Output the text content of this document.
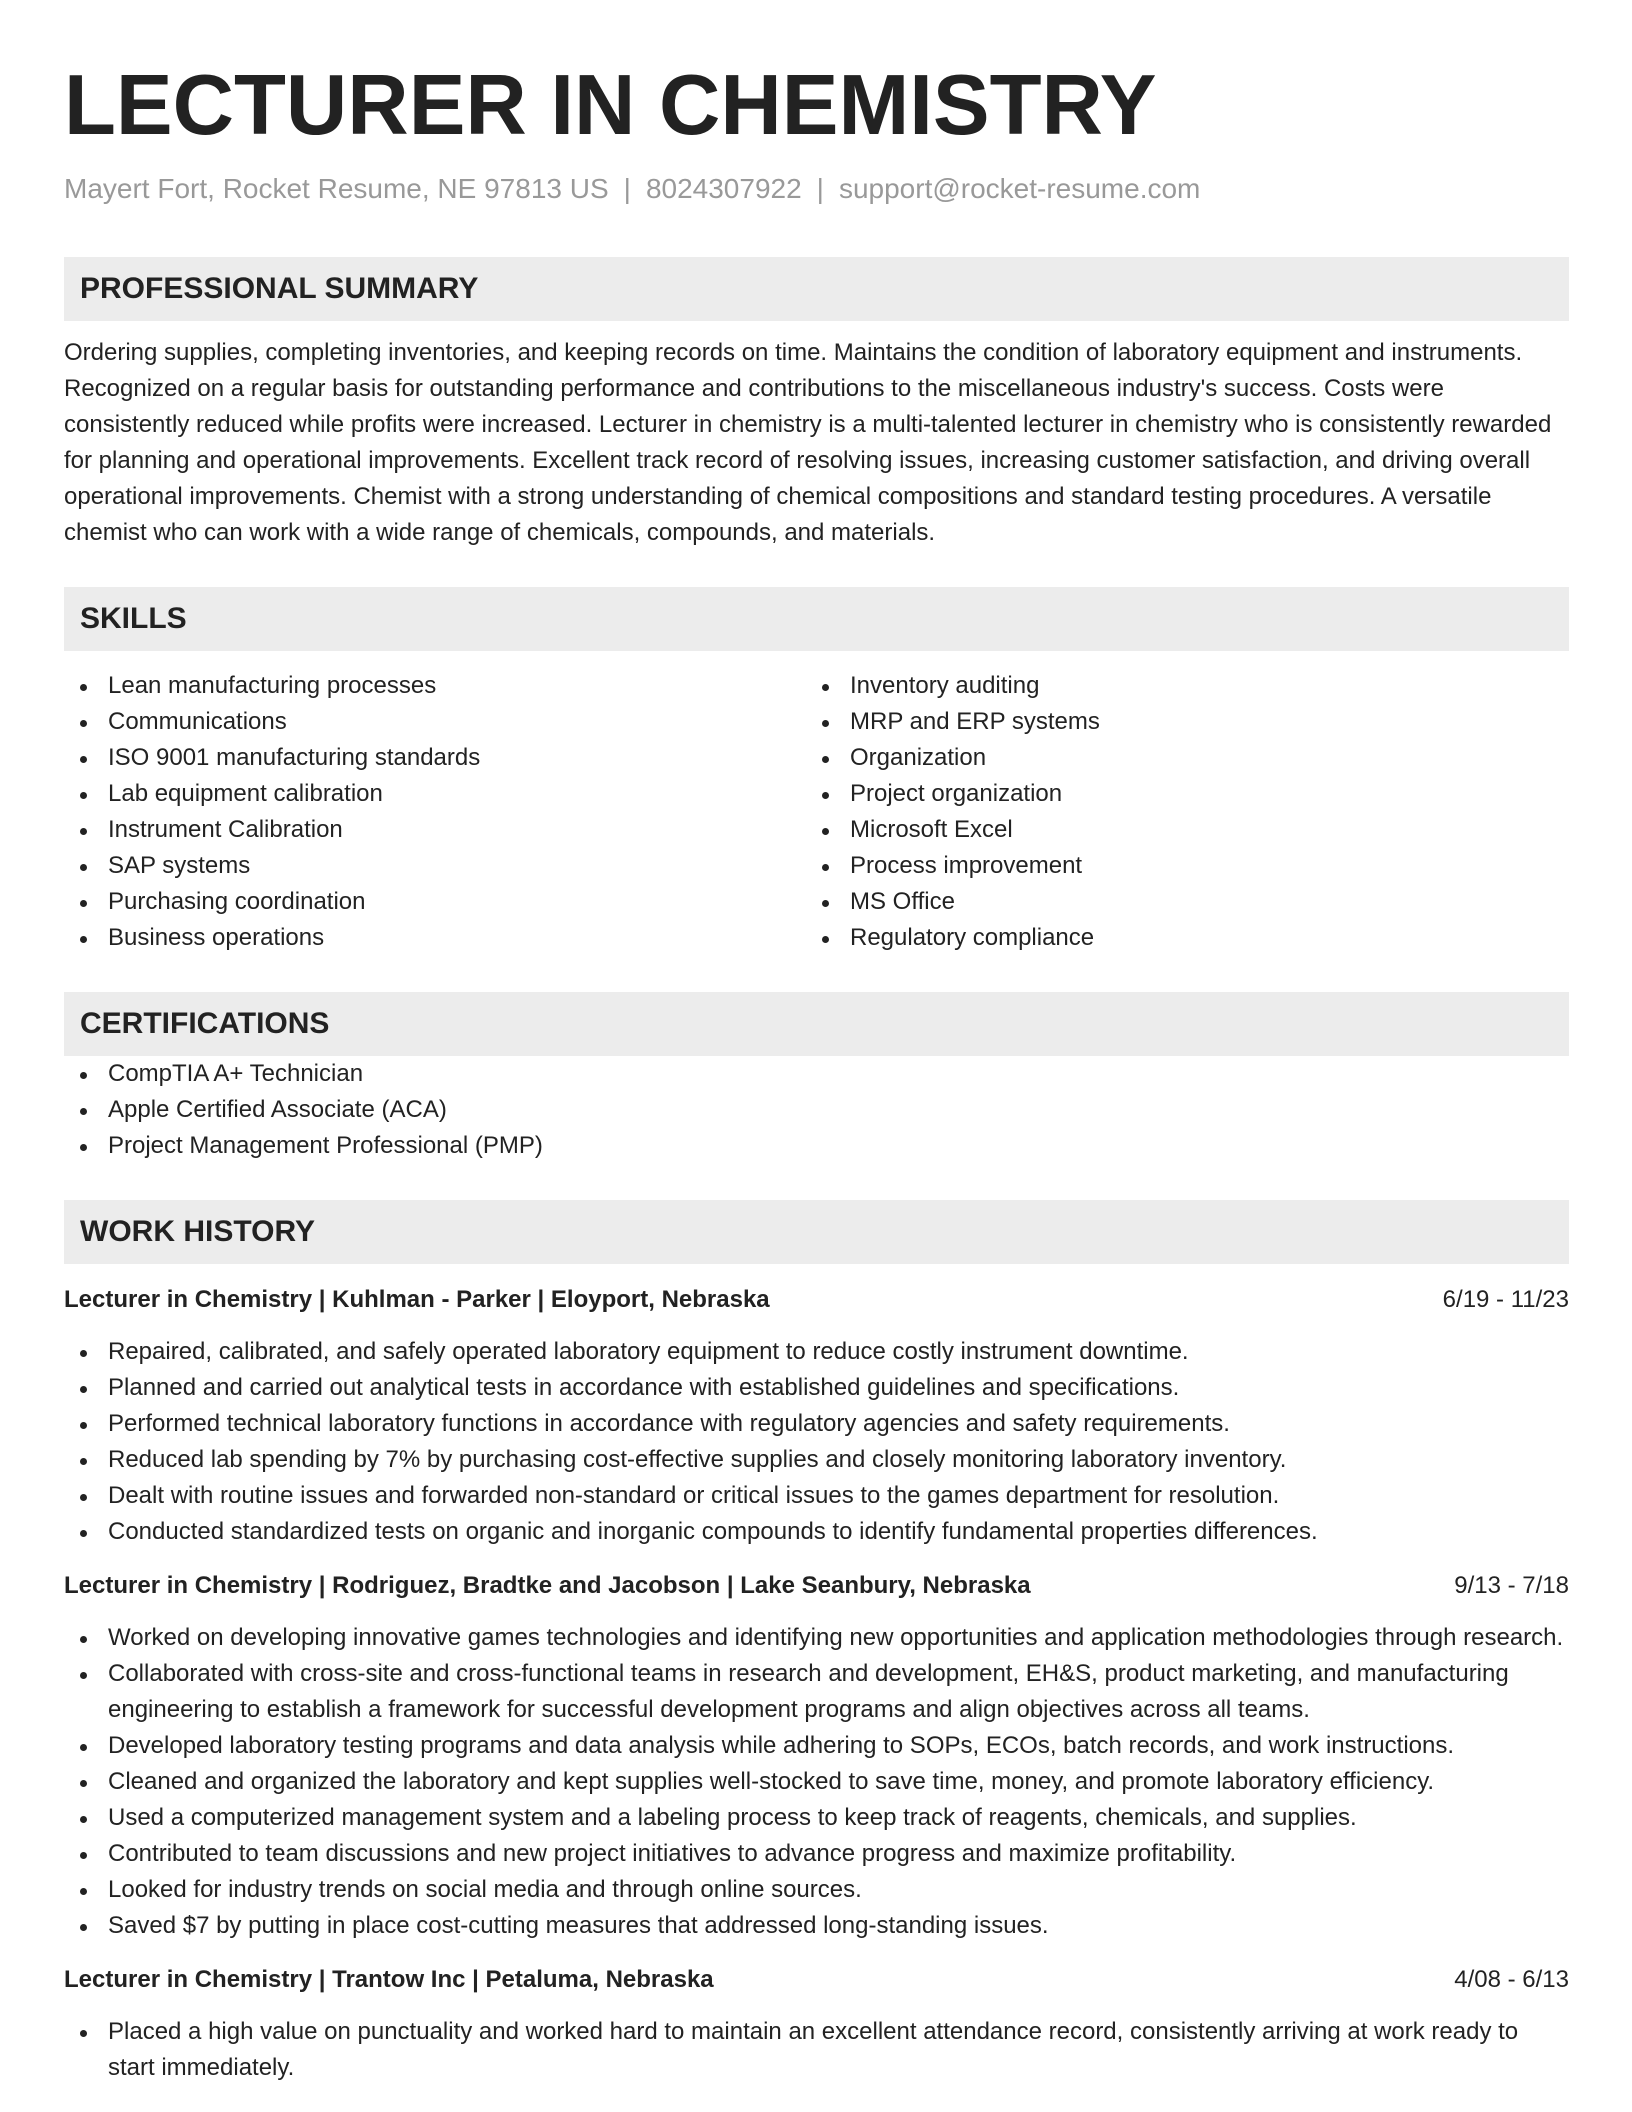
LECTURER IN CHEMISTRY
Mayert Fort, Rocket Resume, NE 97813 US | 8024307922 | support@rocket-resume.com
PROFESSIONAL SUMMARY
Ordering supplies, completing inventories, and keeping records on time. Maintains the condition of laboratory equipment and instruments. Recognized on a regular basis for outstanding performance and contributions to the miscellaneous industry's success. Costs were consistently reduced while profits were increased. Lecturer in chemistry is a multi-talented lecturer in chemistry who is consistently rewarded for planning and operational improvements. Excellent track record of resolving issues, increasing customer satisfaction, and driving overall operational improvements. Chemist with a strong understanding of chemical compositions and standard testing procedures. A versatile chemist who can work with a wide range of chemicals, compounds, and materials.
SKILLS
Lean manufacturing processes
Communications
ISO 9001 manufacturing standards
Lab equipment calibration
Instrument Calibration
SAP systems
Purchasing coordination
Business operations
Inventory auditing
MRP and ERP systems
Organization
Project organization
Microsoft Excel
Process improvement
MS Office
Regulatory compliance
CERTIFICATIONS
CompTIA A+ Technician
Apple Certified Associate (ACA)
Project Management Professional (PMP)
WORK HISTORY
Lecturer in Chemistry | Kuhlman - Parker | Eloyport, Nebraska	6/19 - 11/23
Repaired, calibrated, and safely operated laboratory equipment to reduce costly instrument downtime.
Planned and carried out analytical tests in accordance with established guidelines and specifications.
Performed technical laboratory functions in accordance with regulatory agencies and safety requirements.
Reduced lab spending by 7% by purchasing cost-effective supplies and closely monitoring laboratory inventory.
Dealt with routine issues and forwarded non-standard or critical issues to the games department for resolution.
Conducted standardized tests on organic and inorganic compounds to identify fundamental properties differences.
Lecturer in Chemistry | Rodriguez, Bradtke and Jacobson | Lake Seanbury, Nebraska	9/13 - 7/18
Worked on developing innovative games technologies and identifying new opportunities and application methodologies through research.
Collaborated with cross-site and cross-functional teams in research and development, EH&S, product marketing, and manufacturing engineering to establish a framework for successful development programs and align objectives across all teams.
Developed laboratory testing programs and data analysis while adhering to SOPs, ECOs, batch records, and work instructions.
Cleaned and organized the laboratory and kept supplies well-stocked to save time, money, and promote laboratory efficiency.
Used a computerized management system and a labeling process to keep track of reagents, chemicals, and supplies.
Contributed to team discussions and new project initiatives to advance progress and maximize profitability.
Looked for industry trends on social media and through online sources.
Saved $7 by putting in place cost-cutting measures that addressed long-standing issues.
Lecturer in Chemistry | Trantow Inc | Petaluma, Nebraska	4/08 - 6/13
Placed a high value on punctuality and worked hard to maintain an excellent attendance record, consistently arriving at work ready to start immediately.
